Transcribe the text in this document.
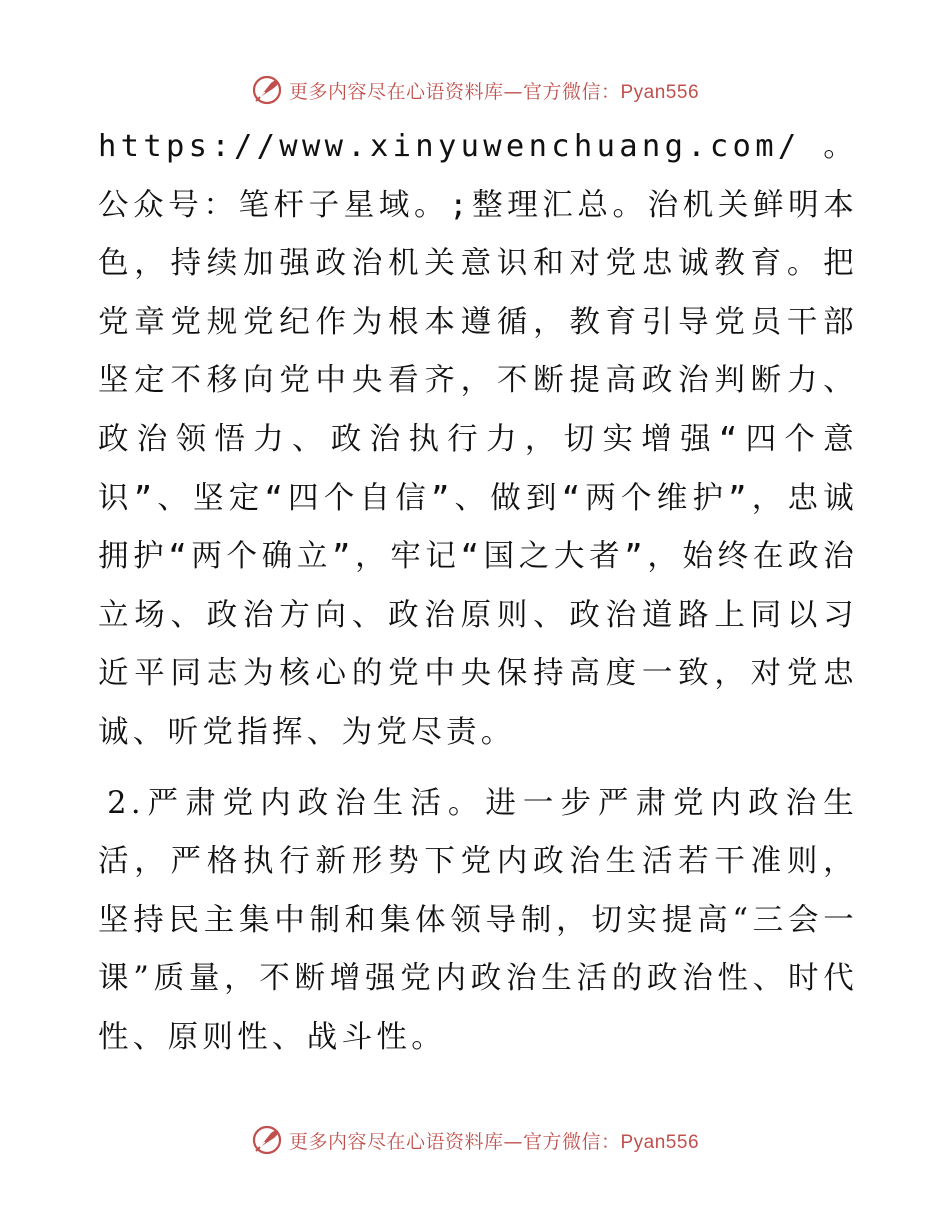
更多内容尽在心语资料库—官方微信：Pyan556

https://www.xinyuwenchuang.com/。公众号：笔杆子星域。;整理汇总。治机关鲜明本色，持续加强政治机关意识和对党忠诚教育。把党章党规党纪作为根本遵循，教育引导党员干部坚定不移向党中央看齐，不断提高政治判断力、政治领悟力、政治执行力，切实增强“四个意识”、坚定“四个自信”、做到“两个维护”，忠诚拥护“两个确立”，牢记“国之大者”，始终在政治立场、政治方向、政治原则、政治道路上同以习近平同志为核心的党中央保持高度一致，对党忠诚、听党指挥、为党尽责。

2.严肃党内政治生活。进一步严肃党内政治生活，严格执行新形势下党内政治生活若干准则，坚持民主集中制和集体领导制，切实提高“三会一课”质量，不断增强党内政治生活的政治性、时代性、原则性、战斗性。

更多内容尽在心语资料库—官方微信：Pyan556
